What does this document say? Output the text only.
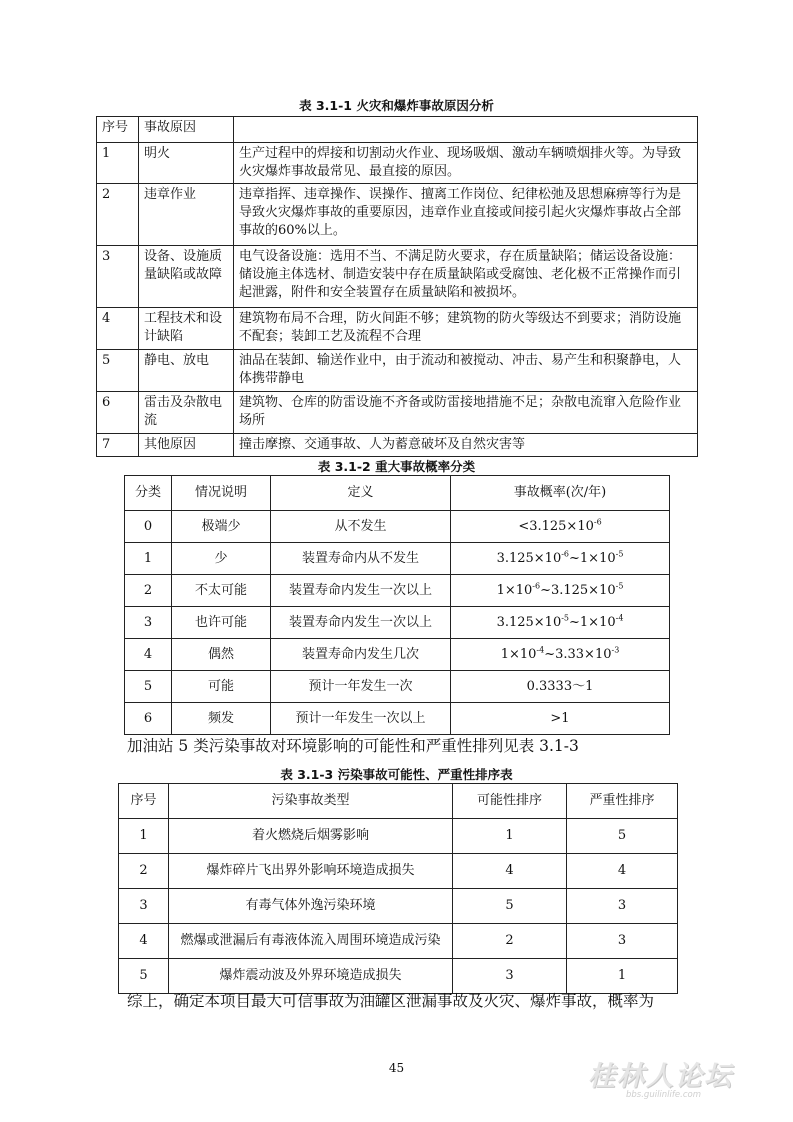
表 3.1-1 火灾和爆炸事故原因分析
序号	事故原因	
1	明火	生产过程中的焊接和切割动火作业、现场吸烟、激动车辆喷烟排火等。为导致火灾爆炸事故最常见、最直接的原因。
2	违章作业	违章指挥、违章操作、误操作、擅离工作岗位、纪律松弛及思想麻痹等行为是导致火灾爆炸事故的重要原因，违章作业直接或间接引起火灾爆炸事故占全部事故的60%以上。
3	设备、设施质量缺陷或故障	电气设备设施：选用不当、不满足防火要求，存在质量缺陷；储运设备设施：储设施主体选材、制造安装中存在质量缺陷或受腐蚀、老化极不正常操作而引起泄露，附件和安全装置存在质量缺陷和被损坏。
4	工程技术和设计缺陷	建筑物布局不合理，防火间距不够；建筑物的防火等级达不到要求；消防设施不配套；装卸工艺及流程不合理
5	静电、放电	油品在装卸、输送作业中，由于流动和被搅动、冲击、易产生和积聚静电，人体携带静电
6	雷击及杂散电流	建筑物、仓库的防雷设施不齐备或防雷接地措施不足；杂散电流窜入危险作业场所
7	其他原因	撞击摩擦、交通事故、人为蓄意破坏及自然灾害等
表 3.1-2 重大事故概率分类
分类	情况说明	定义	事故概率(次/年)
0	极端少	从不发生	$<3.125\times 10^{-6}$
1	少	装置寿命内从不发生	$3.125\times 10^{-6}\sim 1\times 10^{-5}$
2	不太可能	装置寿命内发生一次以上	$1\times 10^{-6}\sim 3.125\times 10^{-5}$
3	也许可能	装置寿命内发生一次以上	$3.125\times 10^{-5}\sim 1\times 10^{-4}$
4	偶然	装置寿命内发生几次	$1\times 10^{-4}\sim 3.33\times 10^{-3}$
5	可能	预计一年发生一次	0.3333～1
6	频发	预计一年发生一次以上	>1
加油站 5 类污染事故对环境影响的可能性和严重性排列见表 3.1-3
表 3.1-3 污染事故可能性、严重性排序表
序号	污染事故类型	可能性排序	严重性排序
1	着火燃烧后烟雾影响	1	5
2	爆炸碎片飞出界外影响环境造成损失	4	4
3	有毒气体外逸污染环境	5	3
4	燃爆或泄漏后有毒液体流入周围环境造成污染	2	3
5	爆炸震动波及外界环境造成损失	3	1
综上，确定本项目最大可信事故为油罐区泄漏事故及火灾、爆炸事故，概率为
45	桂林人论坛
bbs.guilinlife.com
